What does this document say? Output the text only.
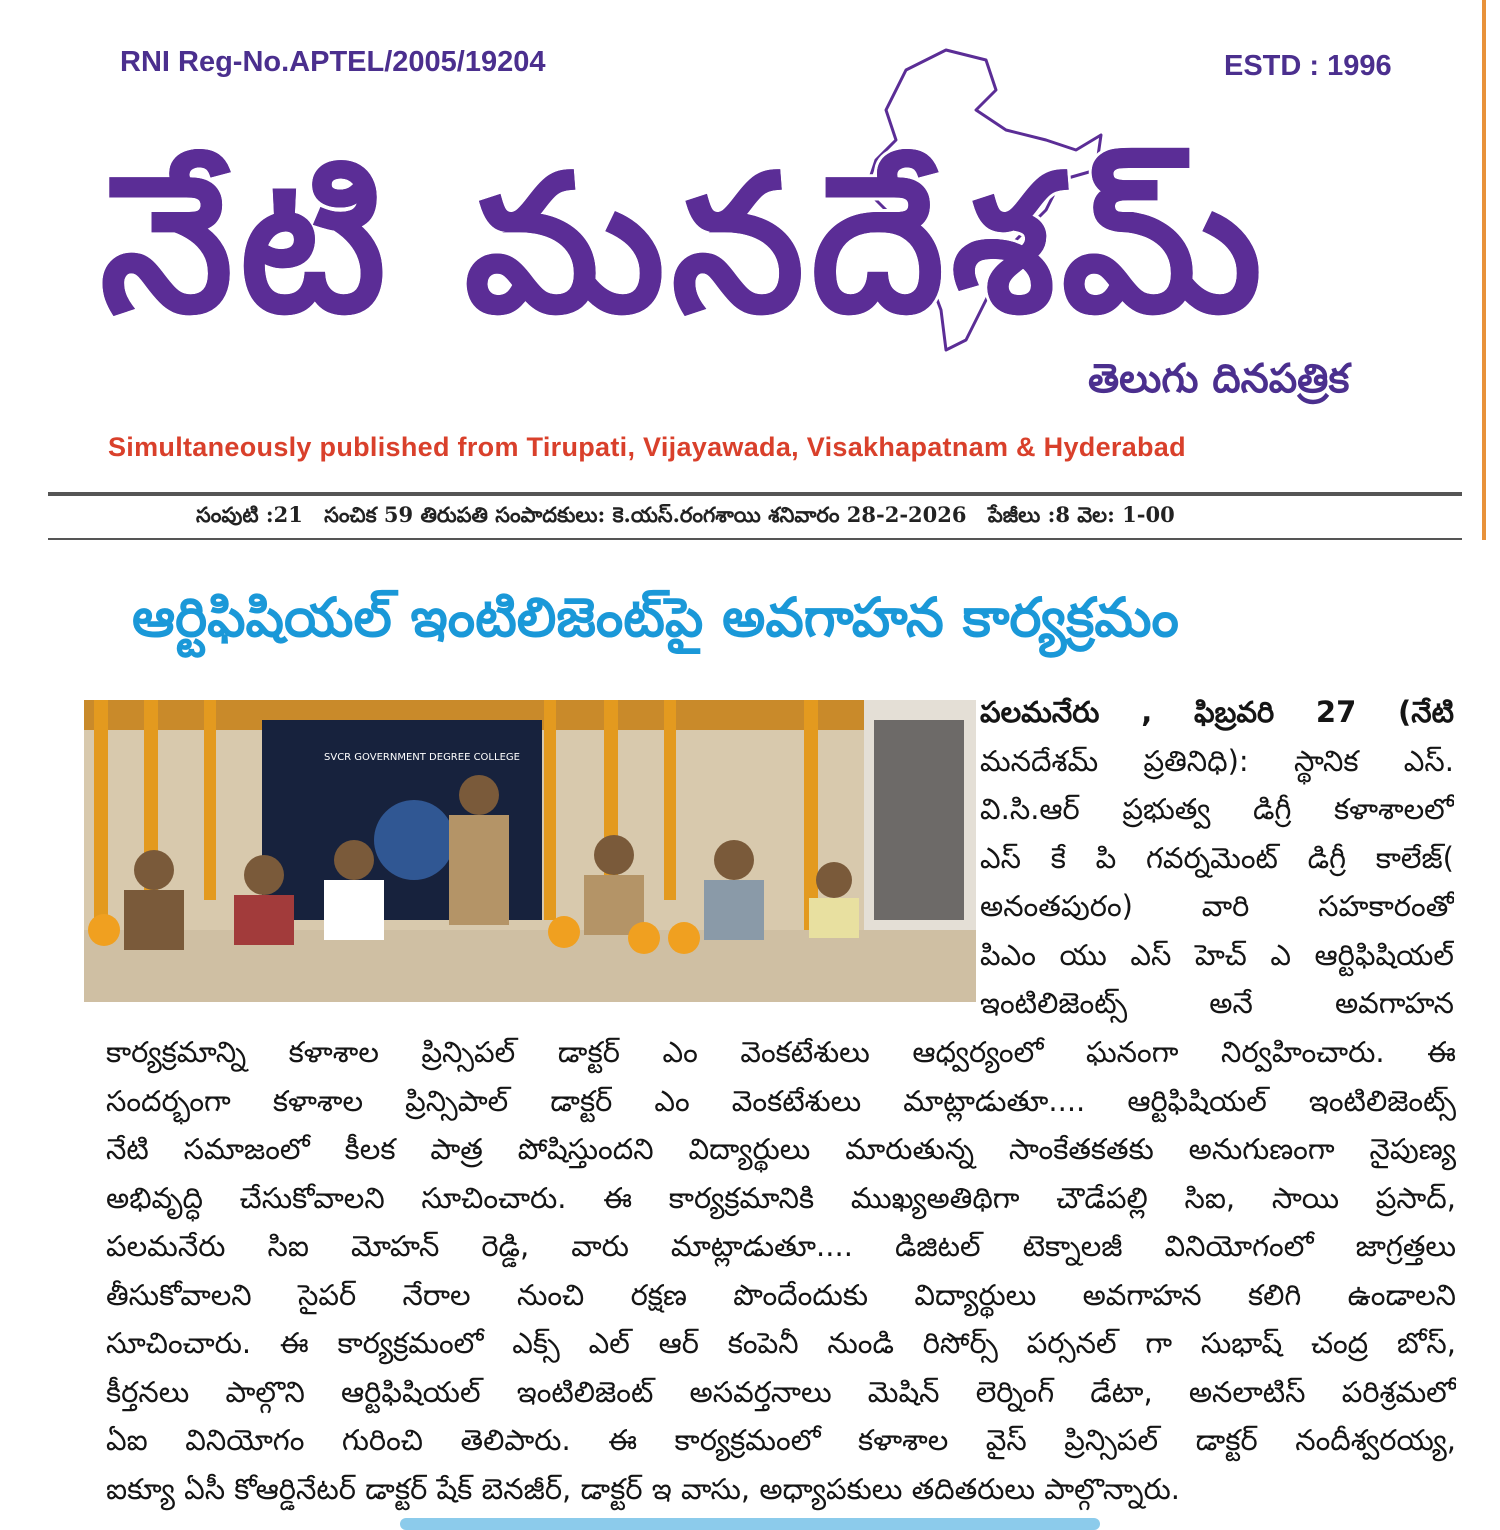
RNI Reg-No.APTEL/2005/19204	ESTD : 1996
నేటి మనదేశమ్
తెలుగు దినపత్రిక
Simultaneously published from Tirupati, Vijayawada, Visakhapatnam & Hyderabad
సంపుటి :21 సంచిక 59 తిరుపతి సంపాదకులు: కె.యస్.రంగశాయి శనివారం 28-2-2026 పేజీలు :8 వెల: 1-00
ఆర్టిఫిషియల్ ఇంటిలిజెంట్‌పై అవగాహన కార్యక్రమం
SVCR GOVERNMENT DEGREE COLLEGE
పలమనేరు , ఫిబ్రవరి 27 (నేటి
మనదేశమ్ ప్రతినిధి): స్థానిక ఎస్.
వి.సి.ఆర్ ప్రభుత్వ డిగ్రీ కళాశాలలో
ఎస్ కే పి గవర్నమెంట్ డిగ్రీ కాలేజ్(
అనంతపురం) వారి సహకారంతో
పిఎం యు ఎస్ హెచ్ ఎ ఆర్టిఫిషియల్
ఇంటిలిజెంట్స్ అనే అవగాహన
కార్యక్రమాన్ని కళాశాల ప్రిన్సిపల్ డాక్టర్ ఎం వెంకటేశులు ఆధ్వర్యంలో ఘనంగా నిర్వహించారు. ఈ
సందర్భంగా కళాశాల ప్రిన్సిపాల్ డాక్టర్ ఎం వెంకటేశులు మాట్లాడుతూ.... ఆర్టిఫిషియల్ ఇంటిలిజెంట్స్
నేటి సమాజంలో కీలక పాత్ర పోషిస్తుందని విద్యార్థులు మారుతున్న సాంకేతకతకు అనుగుణంగా నైపుణ్య
అభివృద్ధి చేసుకోవాలని సూచించారు. ఈ కార్యక్రమానికి ముఖ్యఅతిథిగా చౌడేపల్లి సిఐ, సాయి ప్రసాద్,
పలమనేరు సిఐ మోహన్ రెడ్డి, వారు మాట్లాడుతూ.... డిజిటల్ టెక్నాలజీ వినియోగంలో జాగ్రత్తలు
తీసుకోవాలని సైపర్ నేరాల నుంచి రక్షణ పొందేందుకు విద్యార్థులు అవగాహన కలిగి ఉండాలని
సూచించారు. ఈ కార్యక్రమంలో ఎక్స్ ఎల్ ఆర్ కంపెనీ నుండి రిసోర్స్ పర్సనల్ గా సుభాష్ చంద్ర బోస్,
కీర్తనలు పాల్గొని ఆర్టిఫిషియల్ ఇంటిలిజెంట్ అసవర్తనాలు మెషిన్ లెర్నింగ్ డేటా, అనలాటిస్ పరిశ్రమలో
ఏఐ వినియోగం గురించి తెలిపారు. ఈ కార్యక్రమంలో కళాశాల వైస్ ప్రిన్సిపల్ డాక్టర్ నందీశ్వరయ్య,
ఐక్యూ ఏసీ కోఆర్డినేటర్ డాక్టర్ షేక్ బెనజీర్, డాక్టర్ ఇ వాసు, అధ్యాపకులు తదితరులు పాల్గొన్నారు.
